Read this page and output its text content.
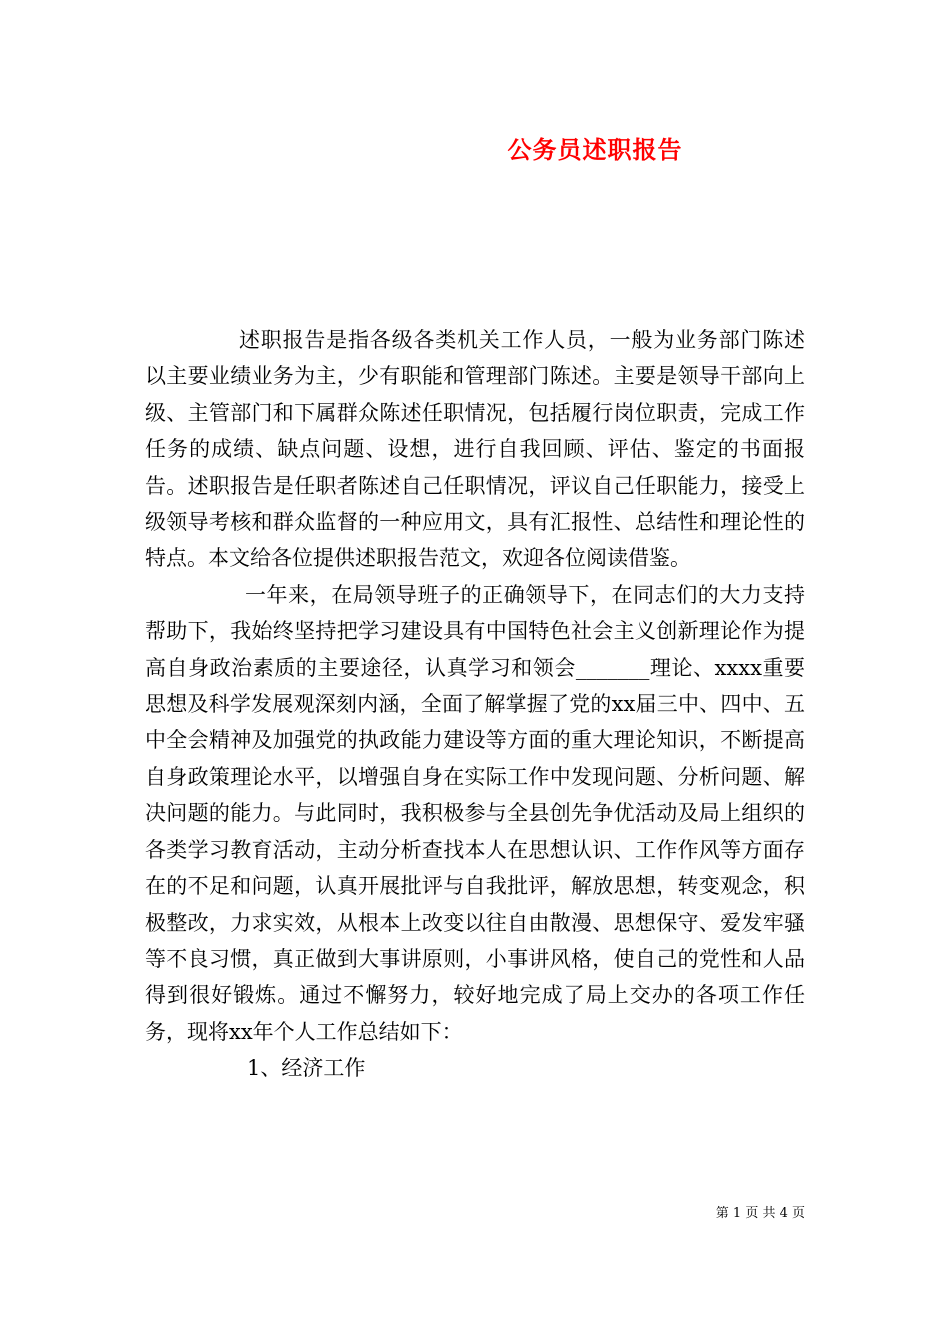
公务员述职报告

述职报告是指各级各类机关工作人员，一般为业务部门陈述以主要业绩业务为主，少有职能和管理部门陈述。主要是领导干部向上级、主管部门和下属群众陈述任职情况，包括履行岗位职责，完成工作任务的成绩、缺点问题、设想，进行自我回顾、评估、鉴定的书面报告。述职报告是任职者陈述自己任职情况，评议自己任职能力，接受上级领导考核和群众监督的一种应用文，具有汇报性、总结性和理论性的特点。本文给各位提供述职报告范文，欢迎各位阅读借鉴。

一年来，在局领导班子的正确领导下，在同志们的大力支持帮助下，我始终坚持把学习建设具有中国特色社会主义创新理论作为提高自身政治素质的主要途径，认真学习和领会_______理论、xxxx重要思想及科学发展观深刻内涵，全面了解掌握了党的xx届三中、四中、五中全会精神及加强党的执政能力建设等方面的重大理论知识，不断提高自身政策理论水平，以增强自身在实际工作中发现问题、分析问题、解决问题的能力。与此同时，我积极参与全县创先争优活动及局上组织的各类学习教育活动，主动分析查找本人在思想认识、工作作风等方面存在的不足和问题，认真开展批评与自我批评，解放思想，转变观念，积极整改，力求实效，从根本上改变以往自由散漫、思想保守、爱发牢骚等不良习惯，真正做到大事讲原则，小事讲风格，使自己的党性和人品得到很好锻炼。通过不懈努力，较好地完成了局上交办的各项工作任务，现将xx年个人工作总结如下：

1、经济工作

第 1 页 共 4 页
